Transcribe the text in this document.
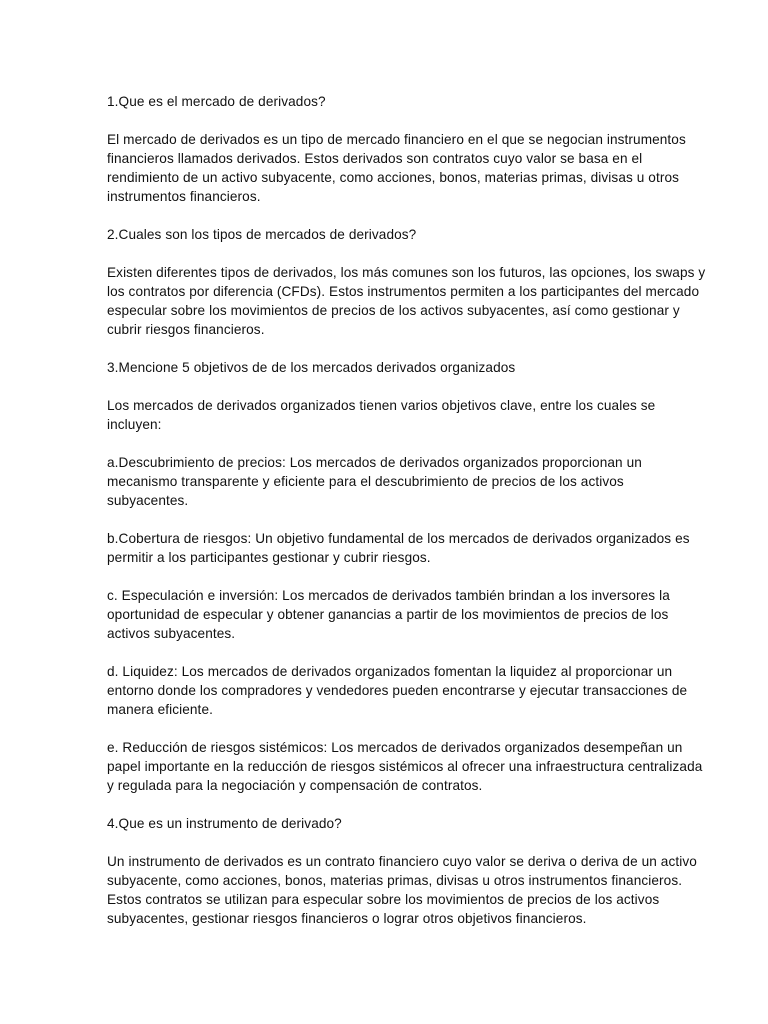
1.Que es el mercado de derivados?

El mercado de derivados es un tipo de mercado financiero en el que se negocian instrumentos financieros llamados derivados. Estos derivados son contratos cuyo valor se basa en el rendimiento de un activo subyacente, como acciones, bonos, materias primas, divisas u otros instrumentos financieros.

2.Cuales son los tipos de mercados de derivados?

Existen diferentes tipos de derivados, los más comunes son los futuros, las opciones, los swaps y los contratos por diferencia (CFDs). Estos instrumentos permiten a los participantes del mercado especular sobre los movimientos de precios de los activos subyacentes, así como gestionar y cubrir riesgos financieros.

3.Mencione 5 objetivos de de los mercados derivados organizados

Los mercados de derivados organizados tienen varios objetivos clave, entre los cuales se incluyen:

a.Descubrimiento de precios: Los mercados de derivados organizados proporcionan un mecanismo transparente y eficiente para el descubrimiento de precios de los activos subyacentes.

b.Cobertura de riesgos: Un objetivo fundamental de los mercados de derivados organizados es permitir a los participantes gestionar y cubrir riesgos.

c. Especulación e inversión: Los mercados de derivados también brindan a los inversores la oportunidad de especular y obtener ganancias a partir de los movimientos de precios de los activos subyacentes.

d. Liquidez: Los mercados de derivados organizados fomentan la liquidez al proporcionar un entorno donde los compradores y vendedores pueden encontrarse y ejecutar transacciones de manera eficiente.

e. Reducción de riesgos sistémicos: Los mercados de derivados organizados desempeñan un papel importante en la reducción de riesgos sistémicos al ofrecer una infraestructura centralizada y regulada para la negociación y compensación de contratos.

4.Que es un instrumento de derivado?

Un instrumento de derivados es un contrato financiero cuyo valor se deriva o deriva de un activo subyacente, como acciones, bonos, materias primas, divisas u otros instrumentos financieros. Estos contratos se utilizan para especular sobre los movimientos de precios de los activos subyacentes, gestionar riesgos financieros o lograr otros objetivos financieros.
